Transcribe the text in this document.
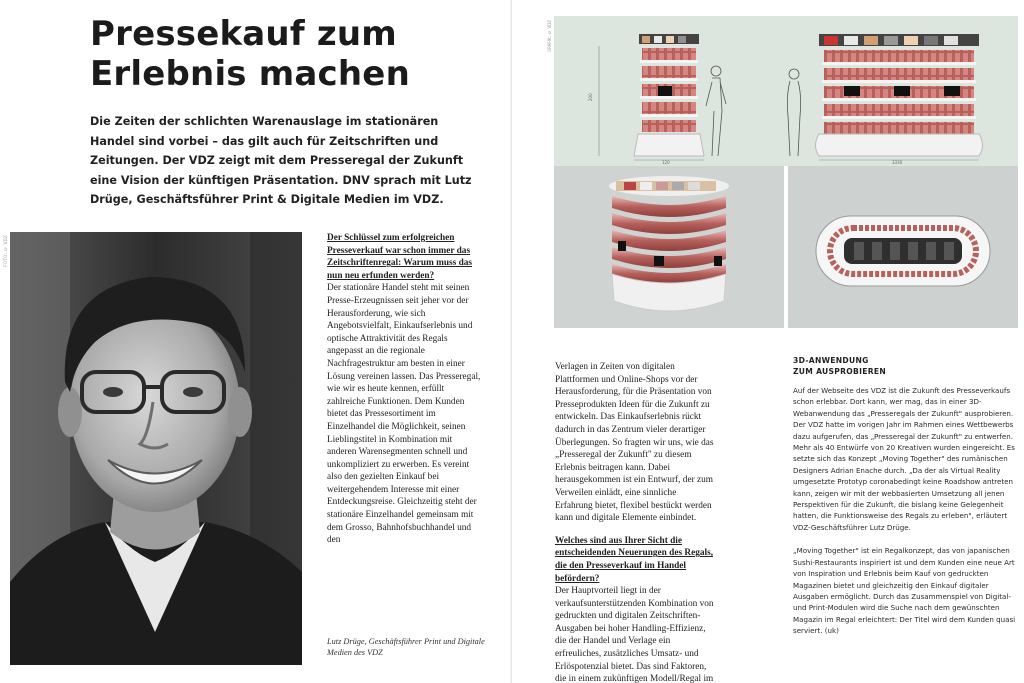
Pressekauf zum
Erlebnis machen

Die Zeiten der schlichten Warenauslage im stationären Handel sind vorbei – das gilt auch für Zeitschriften und Zeitungen. Der VDZ zeigt mit dem Presseregal der Zukunft eine Vision der künftigen Präsentation. DNV sprach mit Lutz Drüge, Geschäftsführer Print & Digitale Medien im VDZ.

FOTO: © VDZ	Der Schlüssel zum erfolgreichen Presseverkauf war schon immer das Zeitschriftenregal: Warum muss das nun neu erfunden werden?
Der stationäre Handel steht mit seinen Presse-Erzeugnissen seit jeher vor der Herausforderung, wie sich Angebotsvielfalt, Einkaufserlebnis und optische Attraktivität des Regals angepasst an die regionale Nachfragestruktur am besten in einer Lösung vereinen lassen. Das Presseregal, wie wir es heute kennen, erfüllt zahlreiche Funktionen. Dem Kunden bietet das Pressesortiment im Einzelhandel die Möglichkeit, seinen Lieblingstitel in Kombination mit anderen Warensegmenten schnell und unkompliziert zu erwerben. Es vereint also den gezielten Einkauf bei weitergehendem Interesse mit einer Entdeckungsreise. Gleichzeitig steht der stationäre Einzelhandel gemeinsam mit dem Grosso, Bahnhofsbuchhandel und den

Lutz Drüge, Geschäftsführer Print und Digitale Medien des VDZ
GRAFIK: © VDZ
200
120	3330

Verlagen in Zeiten von digitalen Plattformen und Online-Shops vor der Herausforderung, für die Präsentation von Presseprodukten Ideen für die Zukunft zu entwickeln. Das Einkaufserlebnis rückt dadurch in das Zentrum vieler derartiger Überlegungen. So fragten wir uns, wie das „Presseregal der Zukunft" zu diesem Erlebnis beitragen kann. Dabei herausgekommen ist ein Entwurf, der zum Verweilen einlädt, eine sinnliche Erfahrung bietet, flexibel bestückt werden kann und digitale Elemente einbindet.

Welches sind aus Ihrer Sicht die entscheidenden Neuerungen des Regals, die den Presseverkauf im Handel befördern?
Der Hauptvorteil liegt in der verkaufsunterstützenden Kombination von gedruckten und digitalen Zeitschriften-Ausgaben bei hoher Handling-Effizienz, die der Handel und Verlage ein erfreuliches, zusätzliches Umsatz- und Erlöspotenzial bietet. Das sind Faktoren, die in einem zukünftigen Modell/Regal im

3D-ANWENDUNG
ZUM AUSPROBIEREN

Auf der Webseite des VDZ ist die Zukunft des Presseverkaufs schon erlebbar. Dort kann, wer mag, das in einer 3D-Webanwendung das „Presseregals der Zukunft" ausprobieren. Der VDZ hatte im vorigen Jahr im Rahmen eines Wettbewerbs dazu aufgerufen, das „Presseregal der Zukunft" zu entwerfen. Mehr als 40 Entwürfe von 20 Kreativen wurden eingereicht. Es setzte sich das Konzept „Moving Together" des rumänischen Designers Adrian Enache durch. „Da der als Virtual Reality umgesetzte Prototyp coronabedingt keine Roadshow antreten kann, zeigen wir mit der webbasierten Umsetzung all jenen Perspektiven für die Zukunft, die bislang keine Gelegenheit hatten, die Funktionsweise des Regals zu erleben", erläutert VDZ-Geschäftsführer Lutz Drüge.

„Moving Together" ist ein Regalkonzept, das von japanischen Sushi-Restaurants inspiriert ist und dem Kunden eine neue Art von Inspiration und Erlebnis beim Kauf von gedruckten Magazinen bietet und gleichzeitig den Einkauf digitaler Ausgaben ermöglicht. Durch das Zusammenspiel von Digital- und Print-Modulen wird die Suche nach dem gewünschten Magazin im Regal erleichtert: Der Titel wird dem Kunden quasi serviert. (uk)
